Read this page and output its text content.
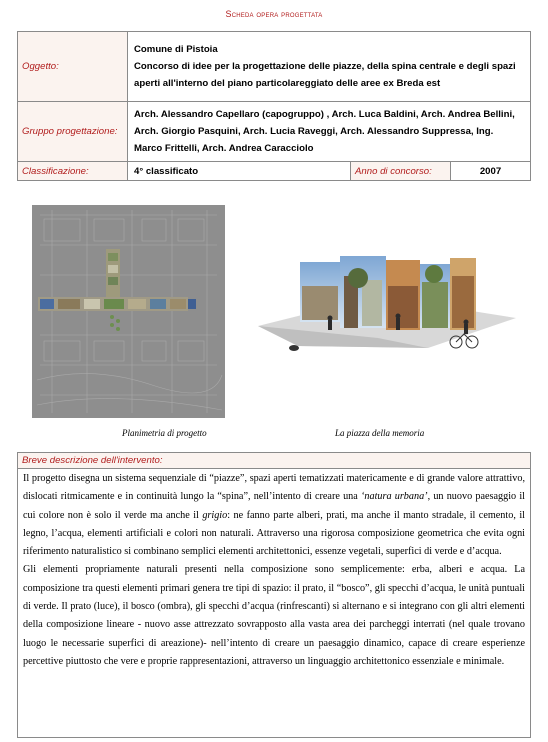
Scheda opera progettata
Oggetto:	Comune di Pistoia
Concorso di idee per la progettazione delle piazze, della spina centrale e degli spazi aperti all'interno del piano particolareggiato delle aree ex Breda est		

Gruppo progettazione:	Arch. Alessandro Capellaro (capogruppo) , Arch. Luca Baldini, Arch. Andrea Bellini, Arch. Giorgio Pasquini, Arch. Lucia Raveggi, Arch. Alessandro Suppressa, Ing. Marco Frittelli, Arch. Andrea Caracciolo		
Classificazione:	4° classificato	Anno di concorso:	2007
Planimetria di progetto	La piazza della memoria
Breve descrizione dell'intervento:

Il progetto disegna un sistema sequenziale di “piazze”, spazi aperti tematizzati matericamente e di grande valore attrattivo, dislocati ritmicamente e in continuità lungo la “spina”, nell’intento di creare una ‘natura urbana’, un nuovo paesaggio il cui colore non è solo il verde ma anche il grigio: ne fanno parte alberi, prati, ma anche il manto stradale, il cemento, il legno, l’acqua, elementi artificiali e colori non naturali. Attraverso una rigorosa composizione geometrica che evita ogni riferimento naturalistico si combinano semplici elementi architettonici, essenze vegetali, superfici di verde e d’acqua.

Gli elementi propriamente naturali presenti nella composizione sono semplicemente: erba, alberi e acqua. La composizione tra questi elementi primari genera tre tipi di spazio: il prato, il “bosco”, gli specchi d’acqua, le unità puntuali di verde. Il prato (luce), il bosco (ombra), gli specchi d’acqua (rinfrescanti) si alternano e si integrano con gli altri elementi della composizione lineare - nuovo asse attrezzato sovrapposto alla vasta area dei parcheggi interrati (nel quale trovano luogo le necessarie superfici di areazione)- nell’intento di creare un paesaggio dinamico, capace di creare esperienze percettive piuttosto che vere e proprie rappresentazioni, attraverso un linguaggio architettonico essenziale e minimale.
